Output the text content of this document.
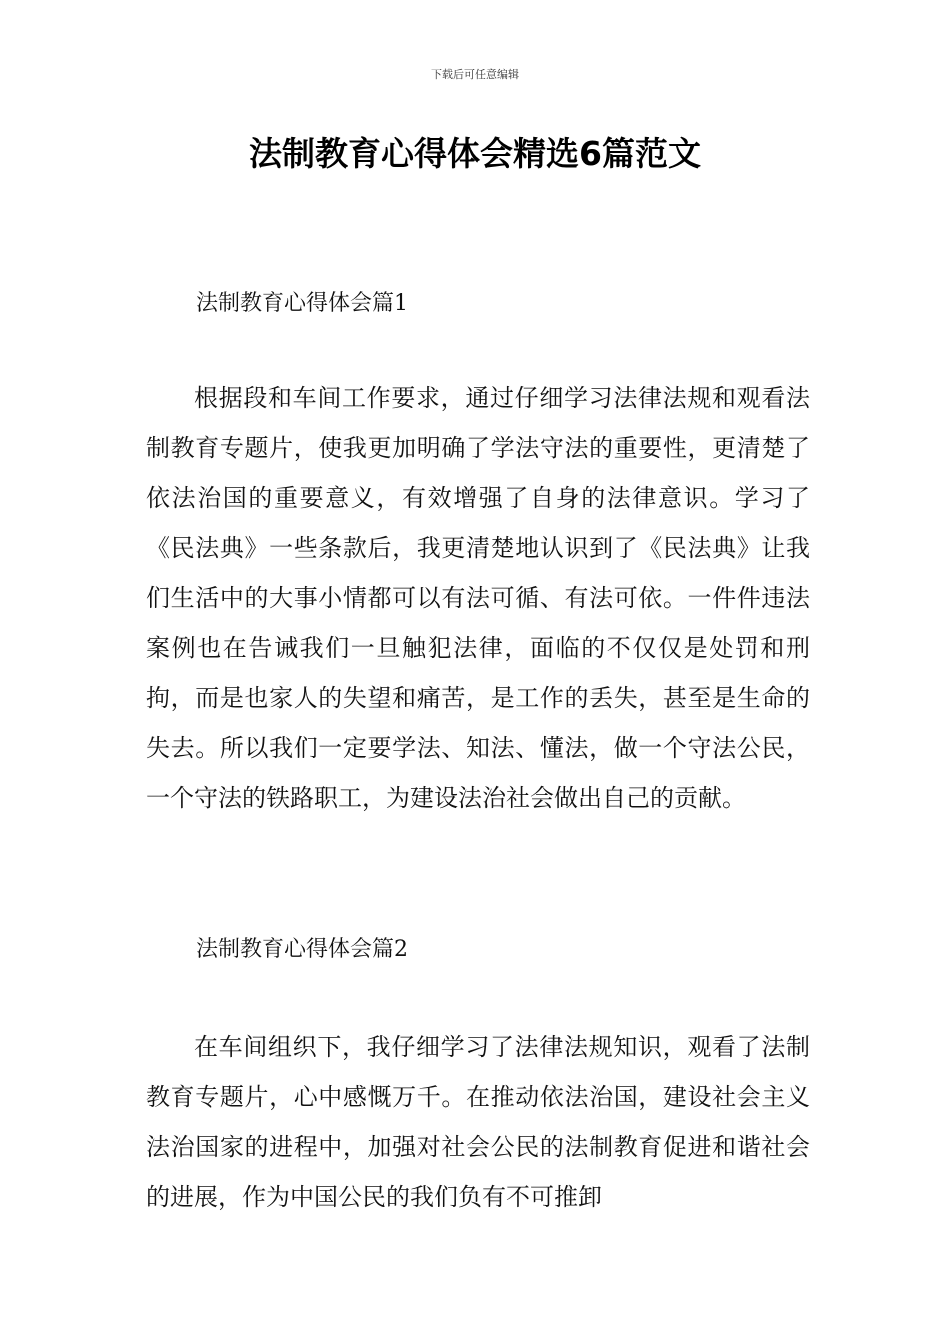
下载后可任意编辑
法制教育心得体会精选6篇范文
法制教育心得体会篇1

根据段和车间工作要求，通过仔细学习法律法规和观看法制教育专题片，使我更加明确了学法守法的重要性，更清楚了依法治国的重要意义，有效增强了自身的法律意识。学习了《民法典》一些条款后，我更清楚地认识到了《民法典》让我们生活中的大事小情都可以有法可循、有法可依。一件件违法案例也在告诫我们一旦触犯法律，面临的不仅仅是处罚和刑拘，而是也家人的失望和痛苦，是工作的丢失，甚至是生命的失去。所以我们一定要学法、知法、懂法，做一个守法公民，一个守法的铁路职工，为建设法治社会做出自己的贡献。

法制教育心得体会篇2

在车间组织下，我仔细学习了法律法规知识，观看了法制教育专题片，心中感慨万千。在推动依法治国，建设社会主义法治国家的进程中，加强对社会公民的法制教育促进和谐社会的进展，作为中国公民的我们负有不可推卸
